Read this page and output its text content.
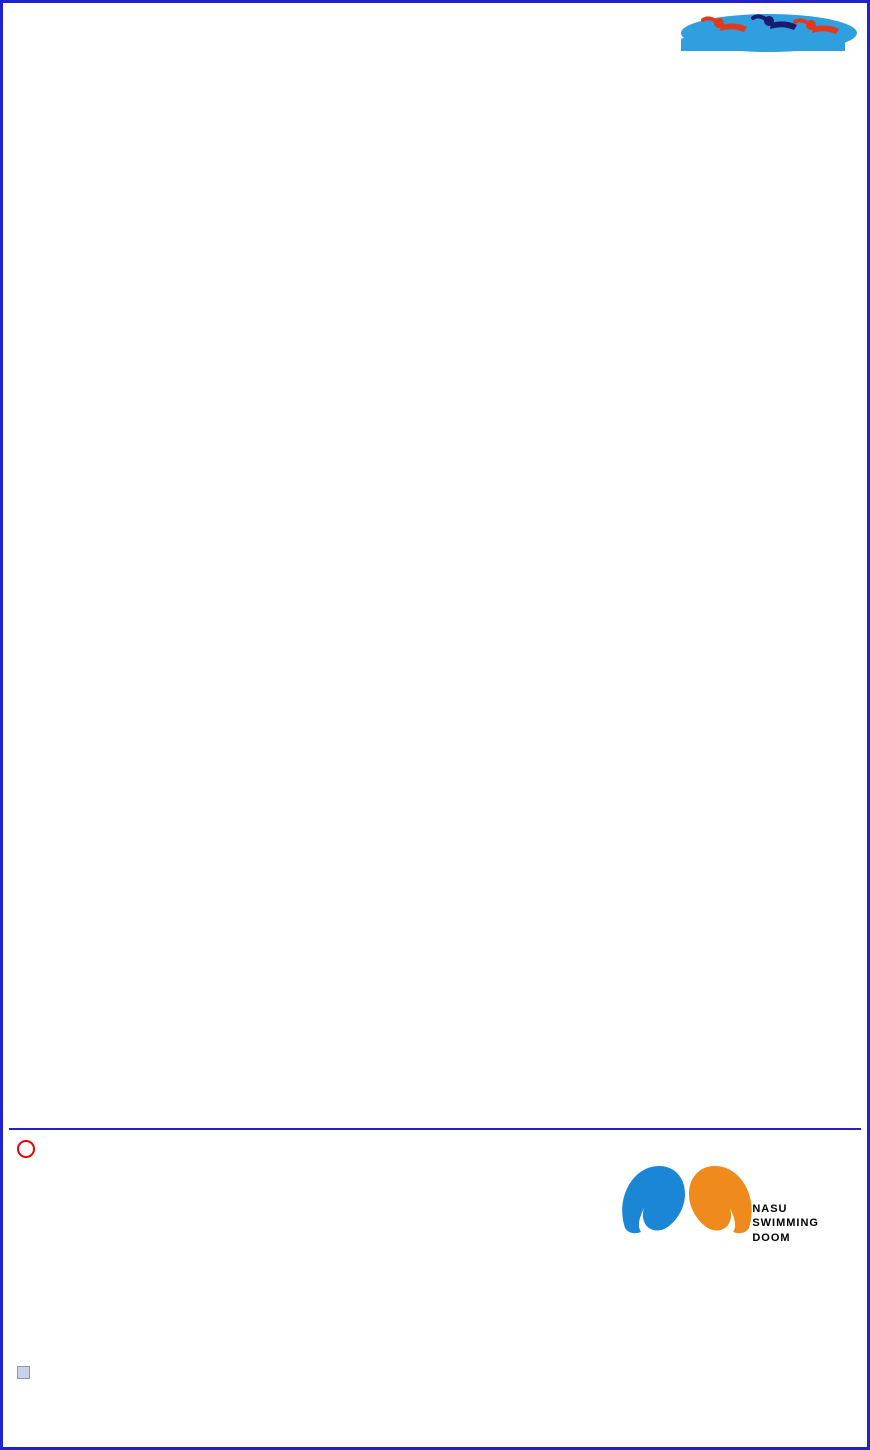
NASU
SWIMMING
DOOM
